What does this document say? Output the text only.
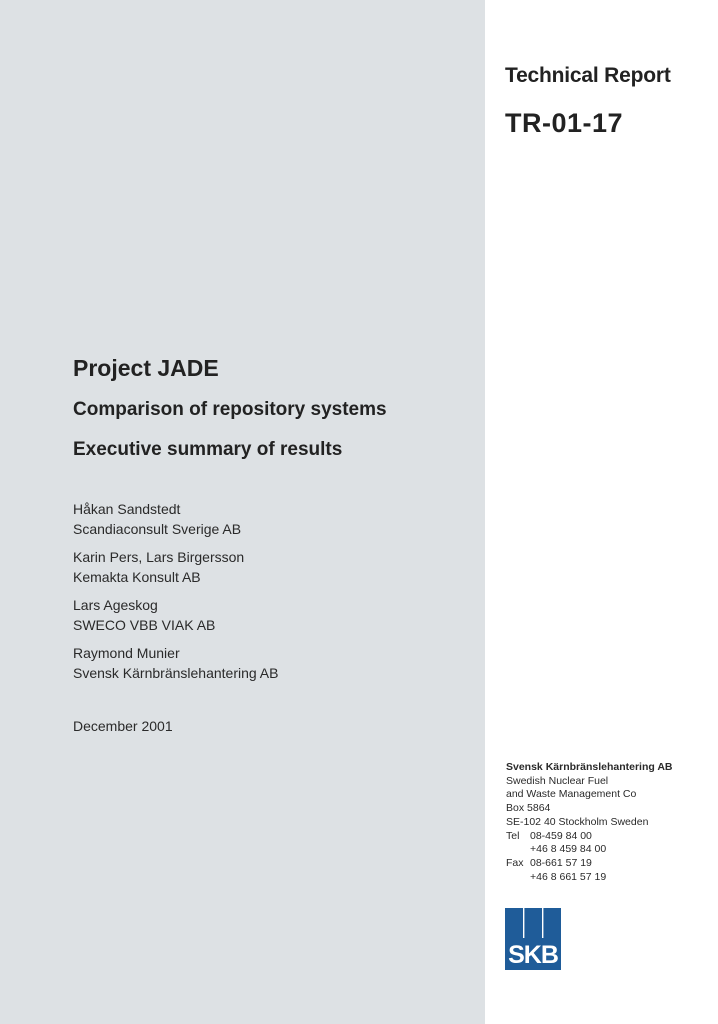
Technical Report
TR-01-17
Project JADE
Comparison of repository systems
Executive summary of results
Håkan Sandstedt
Scandiaconsult Sverige AB
Karin Pers, Lars Birgersson
Kemakta Konsult AB
Lars Ageskog
SWECO VBB VIAK AB
Raymond Munier
Svensk Kärnbränslehantering AB
December 2001
Svensk Kärnbränslehantering AB
Swedish Nuclear Fuel
and Waste Management Co
Box 5864
SE-102 40 Stockholm Sweden
Tel	08-459 84 00
+46 8 459 84 00
Fax 08-661 57 19
+46 8 661 57 19
SKB
